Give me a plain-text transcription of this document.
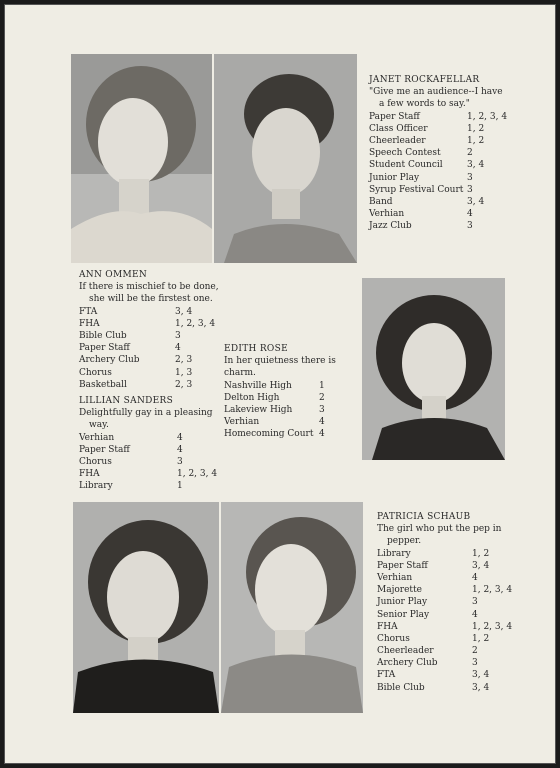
JANET ROCKAFELLAR
"Give me an audience--I have
a few words to say."
Paper Staff	1, 2, 3, 4
Class Officer	1, 2
Cheerleader	1, 2
Speech Contest	2
Student Council	3, 4
Junior Play	3
Syrup Festival Court 3
Band	3, 4
Verhian	4
Jazz Club	3
ANN OMMEN
If there is mischief to be done,
she will be the firstest one.
FTA	3, 4
FHA	1, 2, 3, 4
Bible Club	3
Paper Staff	4
Archery Club	2, 3
Chorus	1, 3
Basketball	2, 3
LILLIAN SANDERS
Delightfully gay in a pleasing
way.
Verhian	4
Paper Staff	4
Chorus	3
FHA	1, 2, 3, 4
Library	1
EDITH ROSE
In her quietness there is charm.
Nashville High	1
Delton High	2
Lakeview High	3
Verhian	4
Homecoming Court 4
PATRICIA SCHAUB
The girl who put the pep in
pepper.
Library	1, 2
Paper Staff	3, 4
Verhian	4
Majorette	1, 2, 3, 4
Junior Play	3
Senior Play	4
FHA	1, 2, 3, 4
Chorus	1, 2
Cheerleader	2
Archery Club	3
FTA	3, 4
Bible Club	3, 4
